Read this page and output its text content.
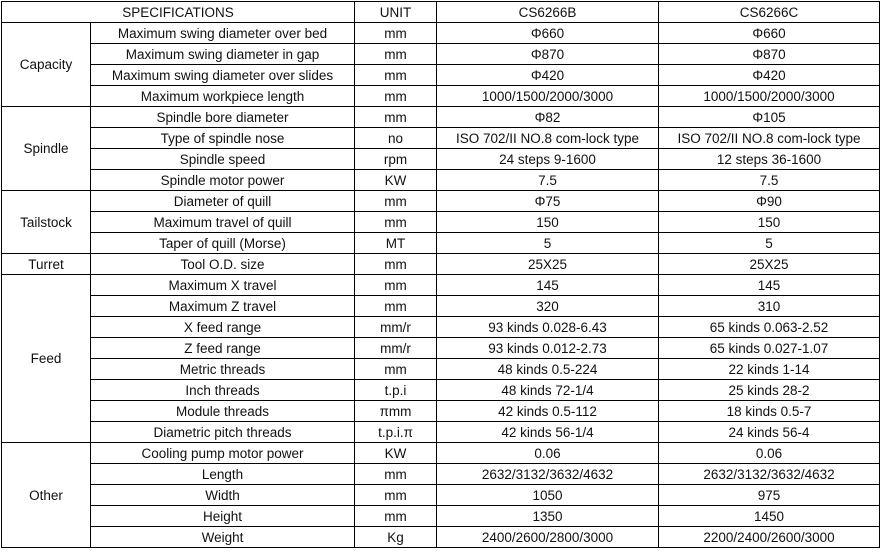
SPECIFICATIONS		UNIT	CS6266B	CS6266C
Capacity	Maximum swing diameter over bed	mm	Φ660	Φ660
	Maximum swing diameter in gap	mm	Φ870	Φ870
	Maximum swing diameter over slides	mm	Φ420	Φ420
	Maximum workpiece length	mm	1000/1500/2000/3000	1000/1500/2000/3000
Spindle	Spindle bore diameter	mm	Φ82	Φ105
	Type of spindle nose	no	ISO 702/II NO.8 com-lock type	ISO 702/II NO.8 com-lock type
	Spindle speed	rpm	24 steps 9-1600	12 steps 36-1600
	Spindle motor power	KW	7.5	7.5
Tailstock	Diameter of quill	mm	Φ75	Φ90
	Maximum travel of quill	mm	150	150
	Taper of quill (Morse)	MT	5	5
Turret	Tool O.D. size	mm	25X25	25X25
Feed	Maximum X travel	mm	145	145
	Maximum Z travel	mm	320	310
	X feed range	mm/r	93 kinds 0.028-6.43	65 kinds 0.063-2.52
	Z feed range	mm/r	93 kinds 0.012-2.73	65 kinds 0.027-1.07
	Metric threads	mm	48 kinds 0.5-224	22 kinds 1-14
	Inch threads	t.p.i	48 kinds 72-1/4	25 kinds 28-2
	Module threads	πmm	42 kinds 0.5-112	18 kinds 0.5-7
	Diametric pitch threads	t.p.i.π	42 kinds 56-1/4	24 kinds 56-4
Other	Cooling pump motor power	KW	0.06	0.06
	Length	mm	2632/3132/3632/4632	2632/3132/3632/4632
	Width	mm	1050	975
	Height	mm	1350	1450
	Weight	Kg	2400/2600/2800/3000	2200/2400/2600/3000
